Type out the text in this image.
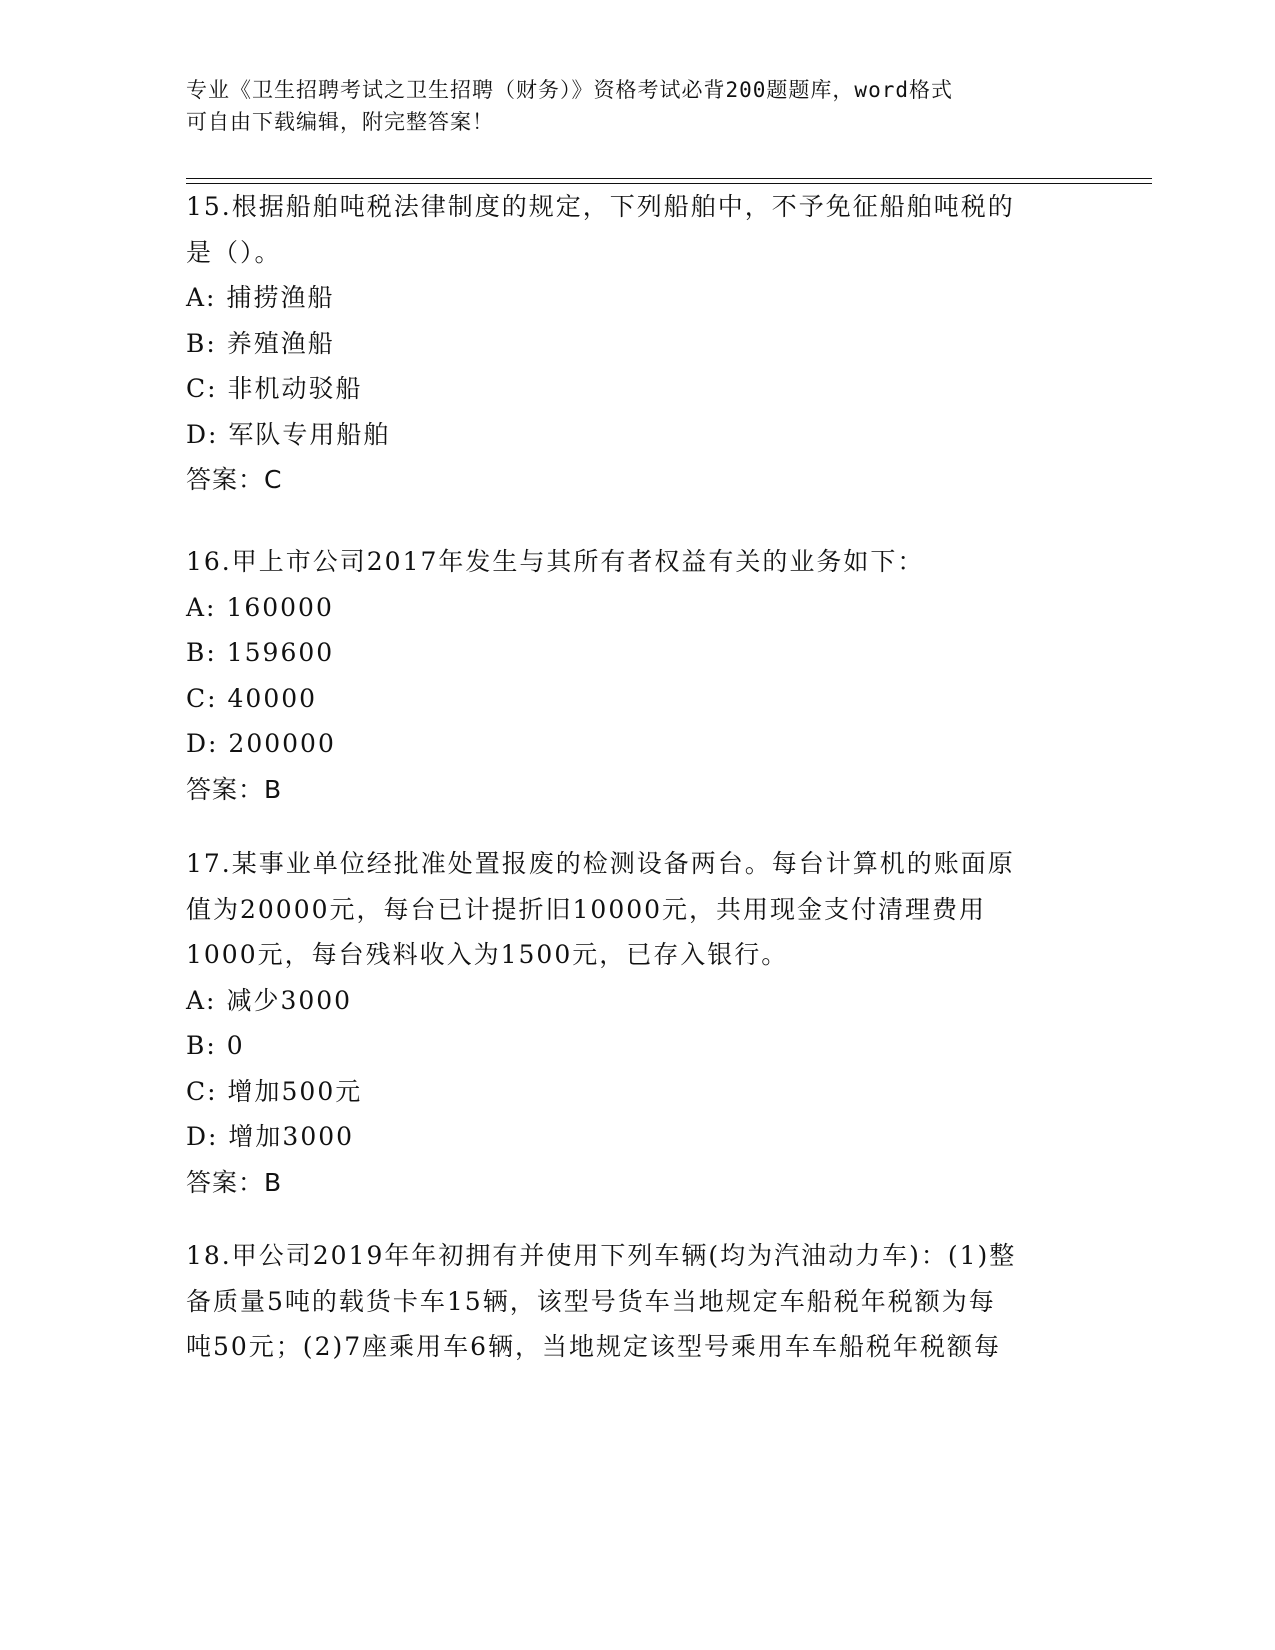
专业《卫生招聘考试之卫生招聘（财务）》资格考试必背200题题库，word格式
可自由下载编辑，附完整答案！
15.根据船舶吨税法律制度的规定，下列船舶中，不予免征船舶吨税的
是（）。
A: 捕捞渔船
B: 养殖渔船
C: 非机动驳船
D: 军队专用船舶
答案：C
16.甲上市公司2017年发生与其所有者权益有关的业务如下：
A: 160000
B: 159600
C: 40000
D: 200000
答案：B
17.某事业单位经批准处置报废的检测设备两台。每台计算机的账面原
值为20000元，每台已计提折旧10000元，共用现金支付清理费用
1000元，每台残料收入为1500元，已存入银行。
A: 减少3000
B: 0
C: 增加500元
D: 增加3000
答案：B
18.甲公司2019年年初拥有并使用下列车辆(均为汽油动力车)：(1)整
备质量5吨的载货卡车15辆，该型号货车当地规定车船税年税额为每
吨50元；(2)7座乘用车6辆，当地规定该型号乘用车车船税年税额每
